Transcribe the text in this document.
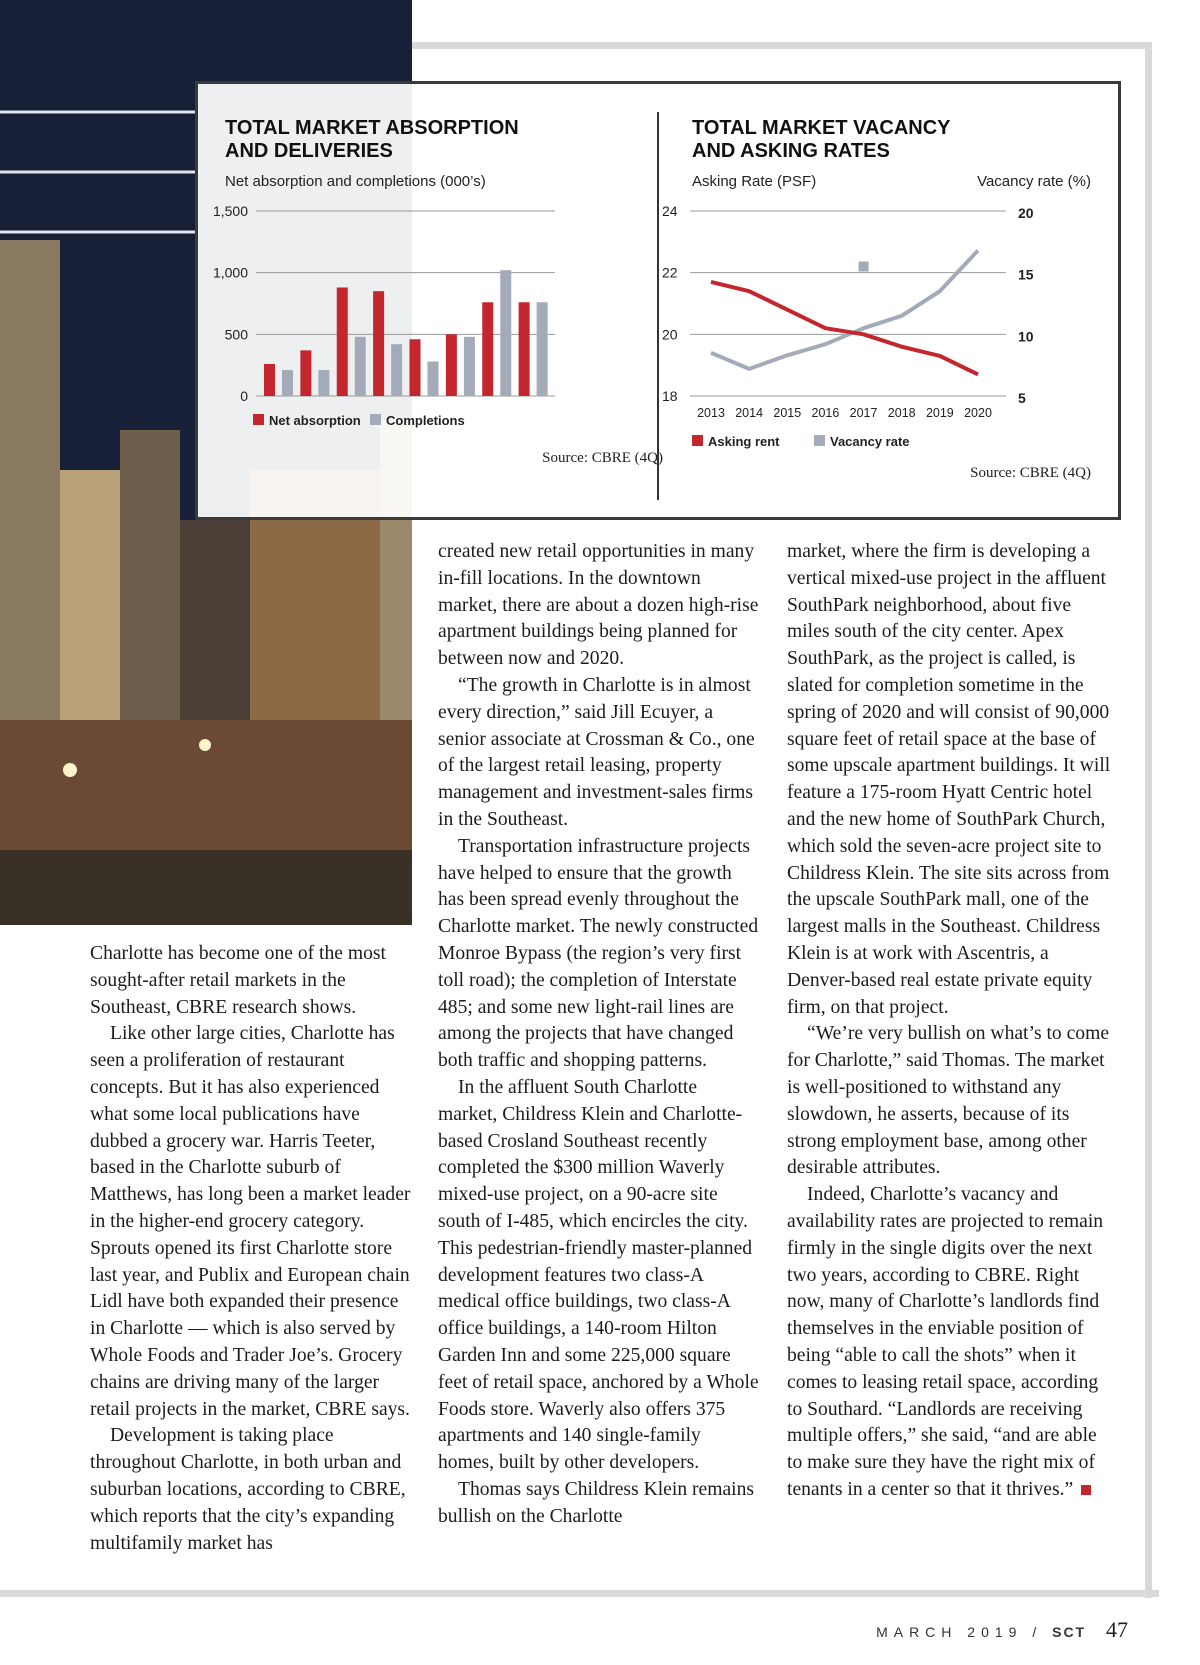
TOTAL MARKET ABSORPTION
AND DELIVERIES
Net absorption and completions (000’s)
1,500
1,000
500
0
Net absorption Completions
Source: CBRE (4Q)
TOTAL MARKET VACANCY
AND ASKING RATES
Asking Rate (PSF)	Vacancy rate (%)
24
22
20
18
20
15
10
5
2013 2014 2015 2016 2017 2018 2019 2020
Asking rent	Vacancy rate
Source: CBRE (4Q)

Charlotte has become one of the most sought-after retail markets in the Southeast, CBRE research shows.

Like other large cities, Charlotte has seen a proliferation of restaurant concepts. But it has also experienced what some local publications have dubbed a grocery war. Harris Teeter, based in the Charlotte suburb of Matthews, has long been a market leader in the higher-end grocery category. Sprouts opened its first Charlotte store last year, and Publix and European chain Lidl have both expanded their presence in Charlotte — which is also served by Whole Foods and Trader Joe’s. Grocery chains are driving many of the larger retail projects in the market, CBRE says.

Development is taking place throughout Charlotte, in both urban and suburban locations, according to CBRE, which reports that the city’s expanding multifamily market has

created new retail opportunities in many in-fill locations. In the downtown market, there are about a dozen high-rise apartment buildings being planned for between now and 2020.

“The growth in Charlotte is in almost every direction,” said Jill Ecuyer, a senior associate at Crossman & Co., one of the largest retail leasing, property management and investment-sales firms in the Southeast.

Transportation infrastructure projects have helped to ensure that the growth has been spread evenly throughout the Charlotte market. The newly constructed Monroe Bypass (the region’s very first toll road); the completion of Interstate 485; and some new light-rail lines are among the projects that have changed both traffic and shopping patterns.

In the affluent South Charlotte market, Childress Klein and Charlotte-based Crosland Southeast recently completed the $300 million Waverly mixed-use project, on a 90-acre site south of I-485, which encircles the city. This pedestrian-friendly master-planned development features two class-A medical office buildings, two class-A office buildings, a 140-room Hilton Garden Inn and some 225,000 square feet of retail space, anchored by a Whole Foods store. Waverly also offers 375 apartments and 140 single-family homes, built by other developers.

Thomas says Childress Klein remains bullish on the Charlotte

market, where the firm is developing a vertical mixed-use project in the affluent SouthPark neighborhood, about five miles south of the city center. Apex SouthPark, as the project is called, is slated for completion sometime in the spring of 2020 and will consist of 90,000 square feet of retail space at the base of some upscale apartment buildings. It will feature a 175-room Hyatt Centric hotel and the new home of SouthPark Church, which sold the seven-acre project site to Childress Klein. The site sits across from the upscale SouthPark mall, one of the largest malls in the Southeast. Childress Klein is at work with Ascentris, a Denver-based real estate private equity firm, on that project.

“We’re very bullish on what’s to come for Charlotte,” said Thomas. The market is well-positioned to withstand any slowdown, he asserts, because of its strong employment base, among other desirable attributes.

Indeed, Charlotte’s vacancy and availability rates are projected to remain firmly in the single digits over the next two years, according to CBRE. Right now, many of Charlotte’s landlords find themselves in the enviable position of being “able to call the shots” when it comes to leasing retail space, according to Southard. “Landlords are receiving multiple offers,” she said, “and are able to make sure they have the right mix of tenants in a center so that it thrives.”

MARCH 2019 / SCT 47
